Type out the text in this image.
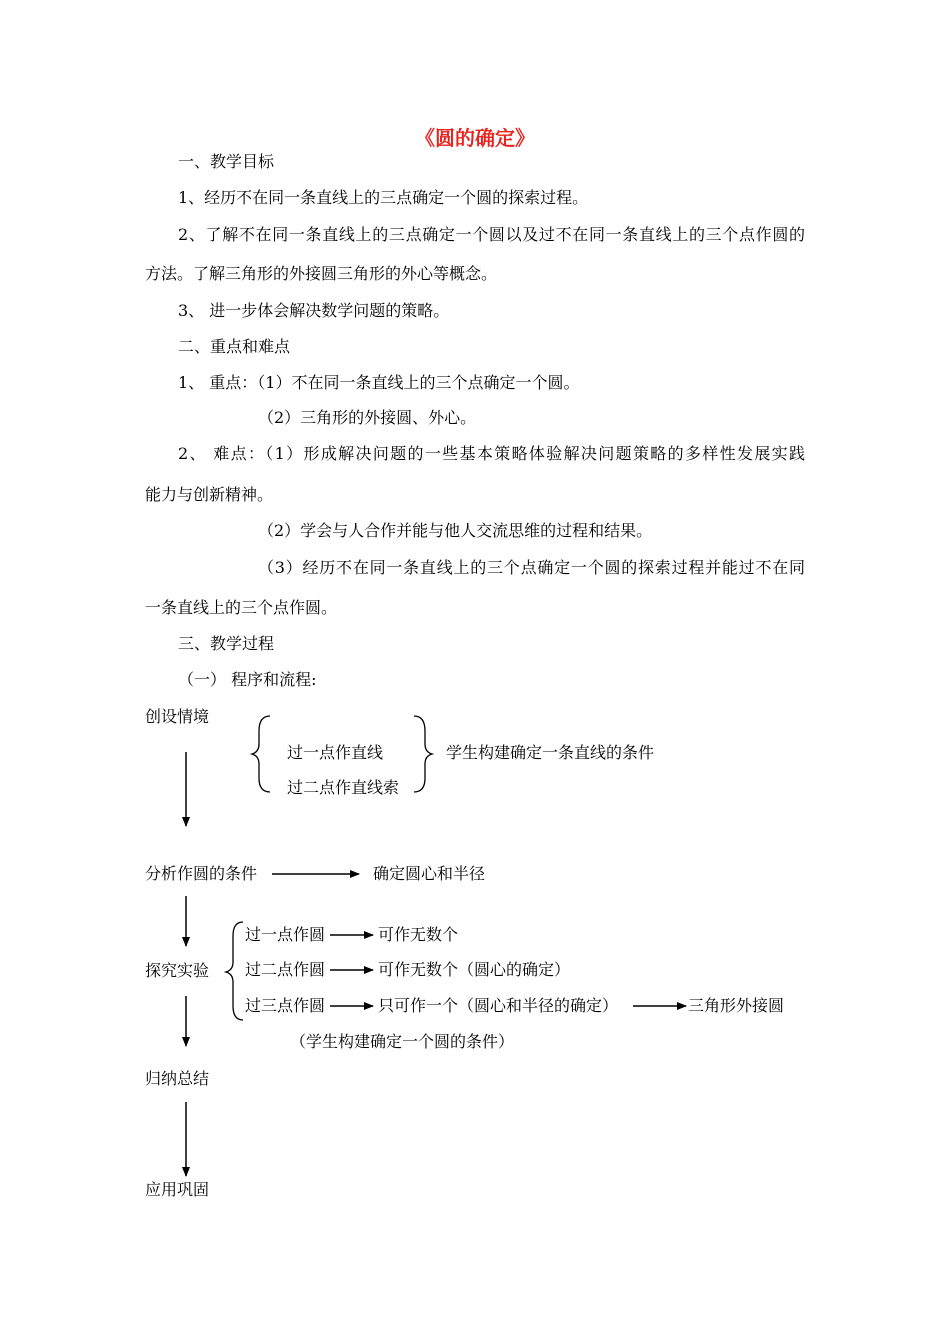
《圆的确定》
一、教学目标
1、经历不在同一条直线上的三点确定一个圆的探索过程。
2、了解不在同一条直线上的三点确定一个圆以及过不在同一条直线上的三个点作圆的
方法。了解三角形的外接圆三角形的外心等概念。
3、 进一步体会解决数学问题的策略。
二、重点和难点
1、 重点：（1）不在同一条直线上的三个点确定一个圆。
（2）三角形的外接圆、外心。
2、 难点：（1）形成解决问题的一些基本策略体验解决问题策略的多样性发展实践
能力与创新精神。
（2）学会与人合作并能与他人交流思维的过程和结果。
（3）经历不在同一条直线上的三个点确定一个圆的探索过程并能过不在同
一条直线上的三个点作圆。
三、教学过程
（一） 程序和流程:
创设情境
过一点作直线
过二点作直线索
学生构建确定一条直线的条件
分析作圆的条件	确定圆心和半径
探究实验
过一点作圆	可作无数个
过二点作圆	可作无数个（圆心的确定）
过三点作圆	只可作一个（圆心和半径的确定）	三角形外接圆
（学生构建确定一个圆的条件）
归纳总结
应用巩固
